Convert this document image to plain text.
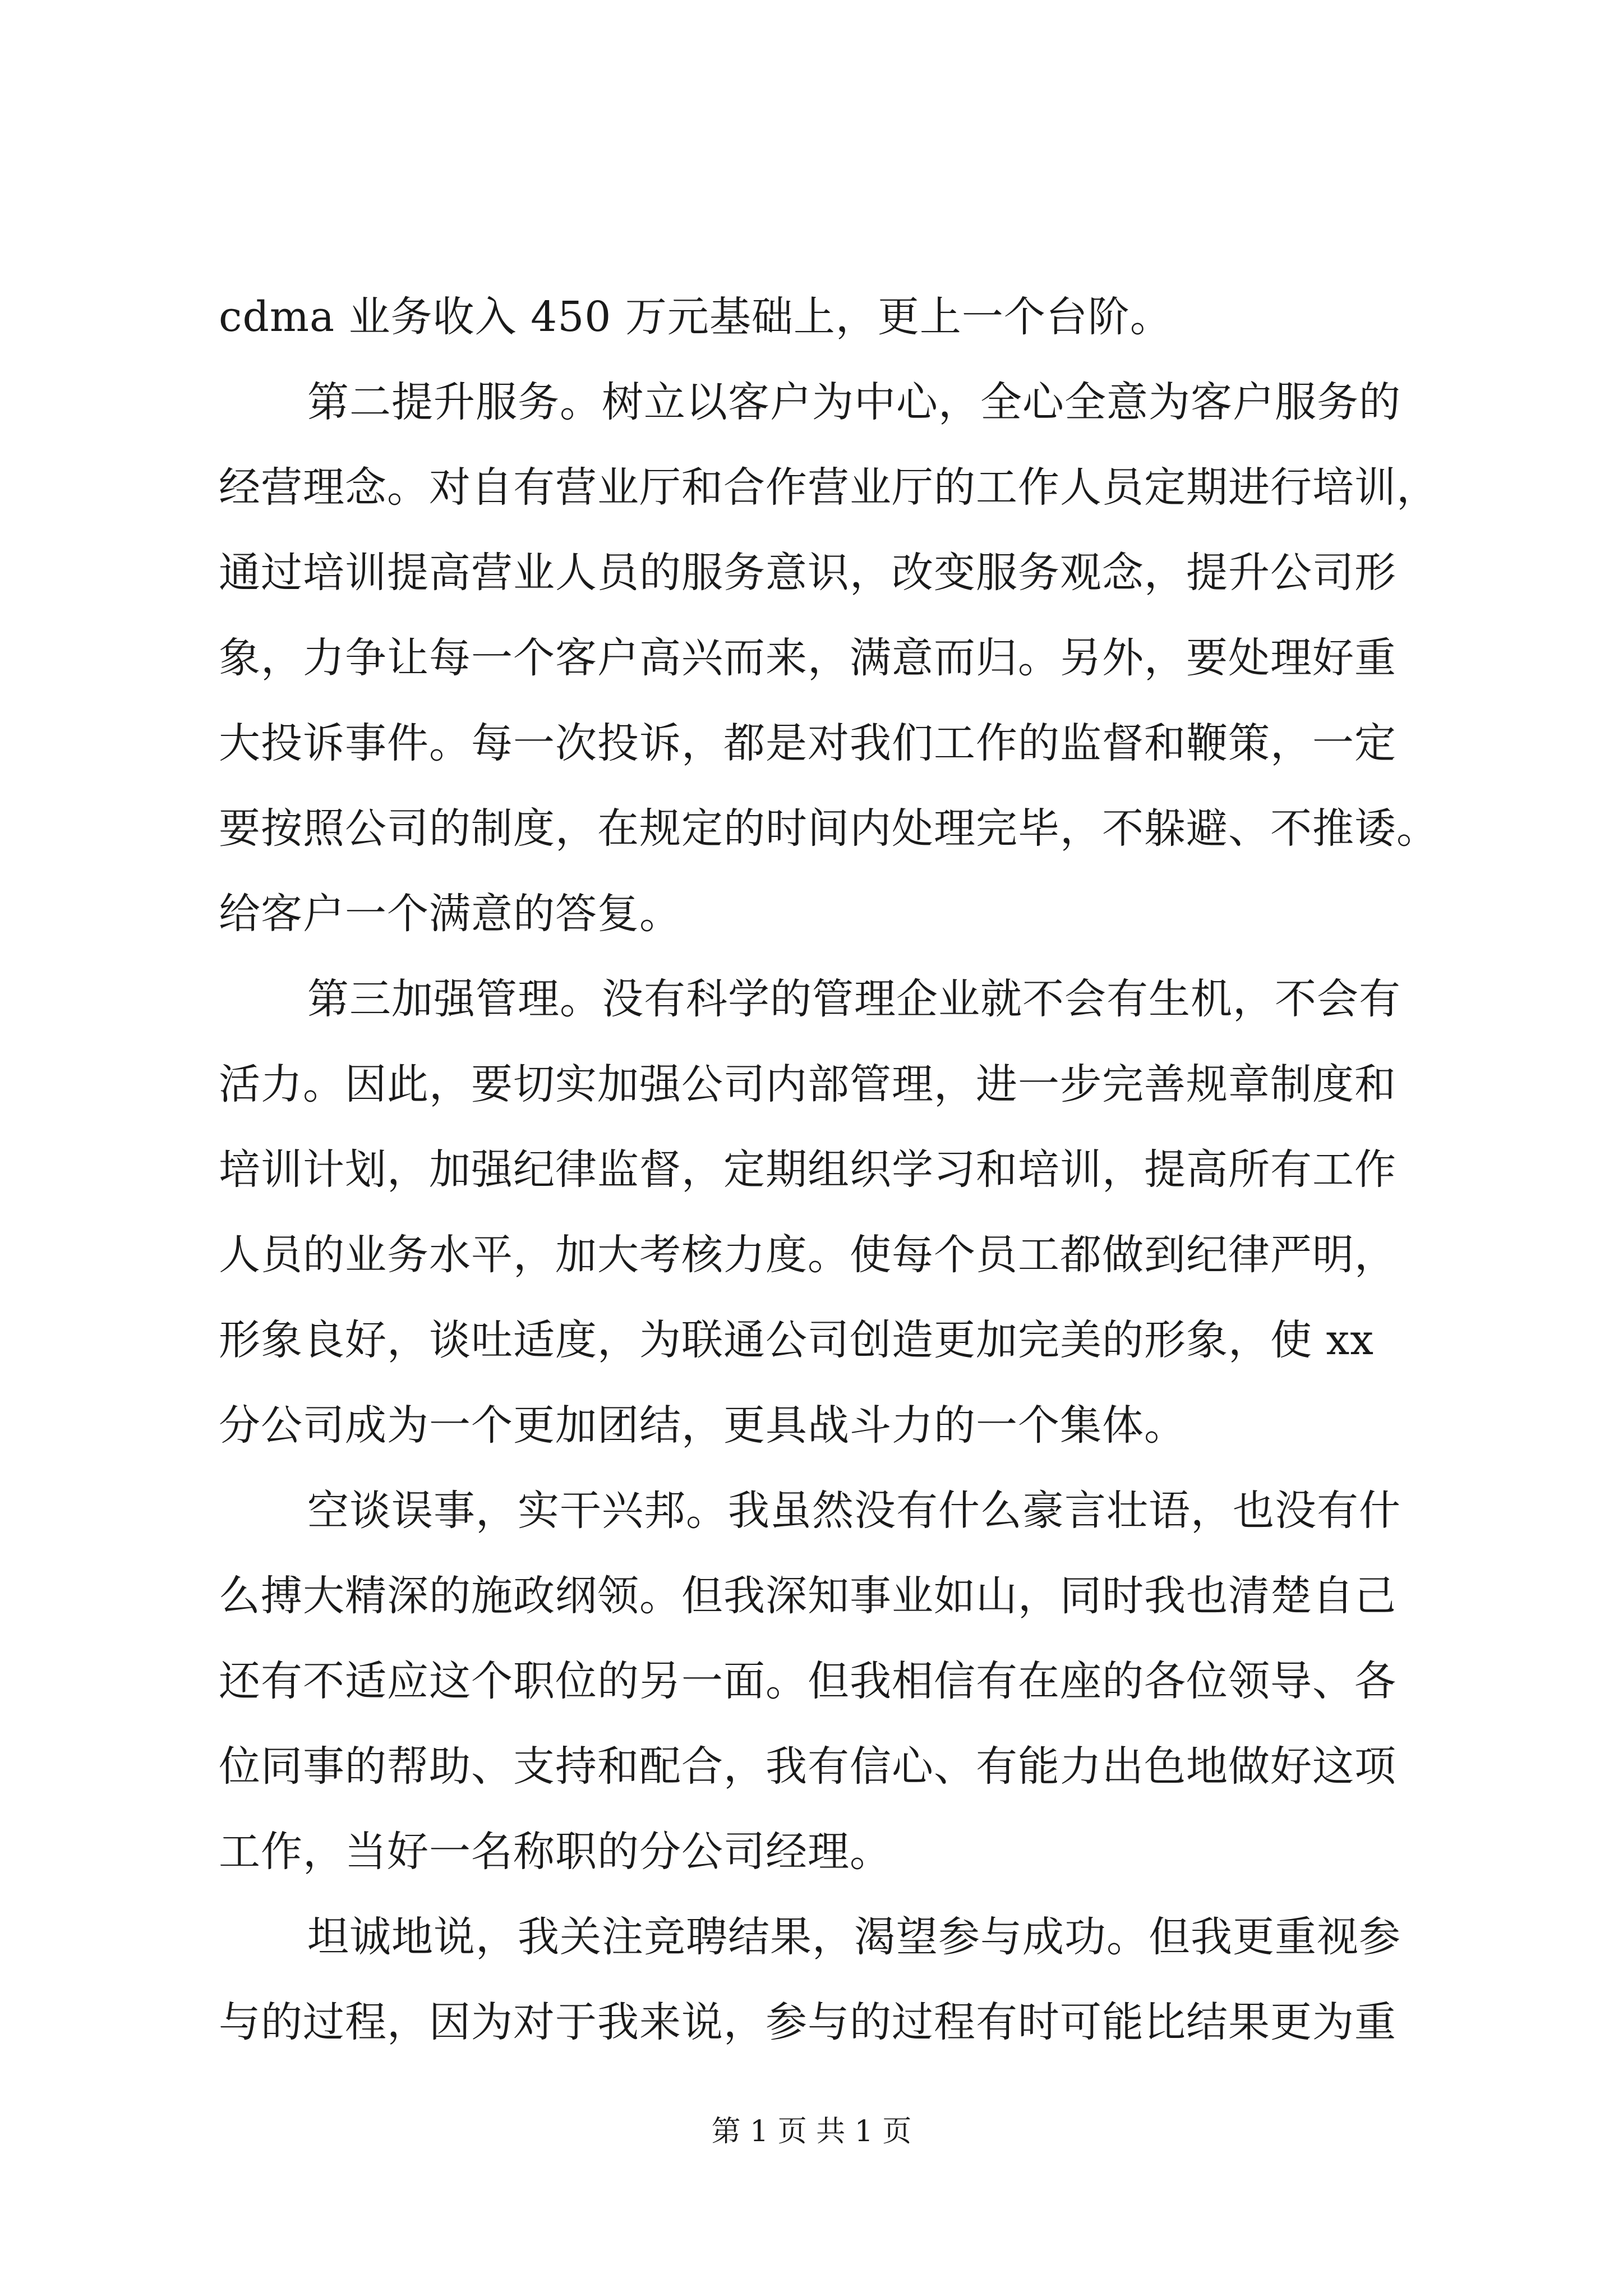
cdma 业务收入 450 万元基础上，更上一个台阶。
第二提升服务。树立以客户为中心，全心全意为客户服务的
经营理念。对自有营业厅和合作营业厅的工作人员定期进行培训，
通过培训提高营业人员的服务意识，改变服务观念，提升公司形
象，力争让每一个客户高兴而来，满意而归。另外，要处理好重
大投诉事件。每一次投诉，都是对我们工作的监督和鞭策，一定
要按照公司的制度，在规定的时间内处理完毕，不躲避、不推诿。
给客户一个满意的答复。
第三加强管理。没有科学的管理企业就不会有生机，不会有
活力。因此，要切实加强公司内部管理，进一步完善规章制度和
培训计划，加强纪律监督，定期组织学习和培训，提高所有工作
人员的业务水平，加大考核力度。使每个员工都做到纪律严明，
形象良好，谈吐适度，为联通公司创造更加完美的形象，使 xx
分公司成为一个更加团结，更具战斗力的一个集体。
空谈误事，实干兴邦。我虽然没有什么豪言壮语，也没有什
么搏大精深的施政纲领。但我深知事业如山，同时我也清楚自己
还有不适应这个职位的另一面。但我相信有在座的各位领导、各
位同事的帮助、支持和配合，我有信心、有能力出色地做好这项
工作，当好一名称职的分公司经理。
坦诚地说，我关注竞聘结果，渴望参与成功。但我更重视参
与的过程，因为对于我来说，参与的过程有时可能比结果更为重
第 1 页 共 1 页
